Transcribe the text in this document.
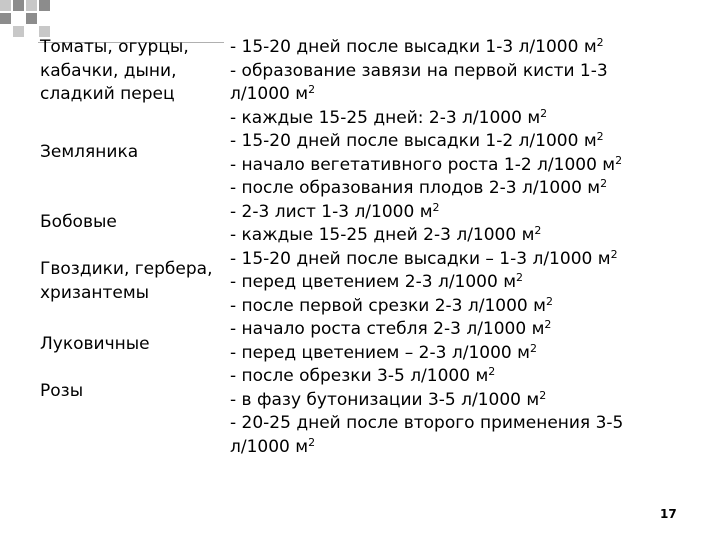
Томаты, огурцы,
кабачки, дыни,
сладкий перец
Земляника
Бобовые
Гвоздики, гербера,
хризантемы
Луковичные
Розы
- 15-20 дней после высадки 1-3 л/1000 $м^2$
- образование завязи на первой кисти 1-3
л/1000 $м^2$
- каждые 15-25 дней: 2-3 л/1000 $м^2$
- 15-20 дней после высадки 1-2 л/1000 $м^2$
- начало вегетативного роста 1-2 л/1000 $м^2$
- после образования плодов 2-3 л/1000 $м^2$
- 2-3 лист 1-3 л/1000 $м^2$
- каждые 15-25 дней 2-3 л/1000 $м^2$
- 15-20 дней после высадки – 1-3 л/1000 $м^2$
- перед цветением 2-3 л/1000 $м^2$
- после первой срезки 2-3 л/1000 $м^2$
- начало роста стебля 2-3 л/1000 $м^2$
- перед цветением – 2-3 л/1000 $м^2$
- после обрезки 3-5 л/1000 $м^2$
- в фазу бутонизации 3-5 л/1000 $м^2$
- 20-25 дней после второго применения 3-5
л/1000 $м^2$
17
